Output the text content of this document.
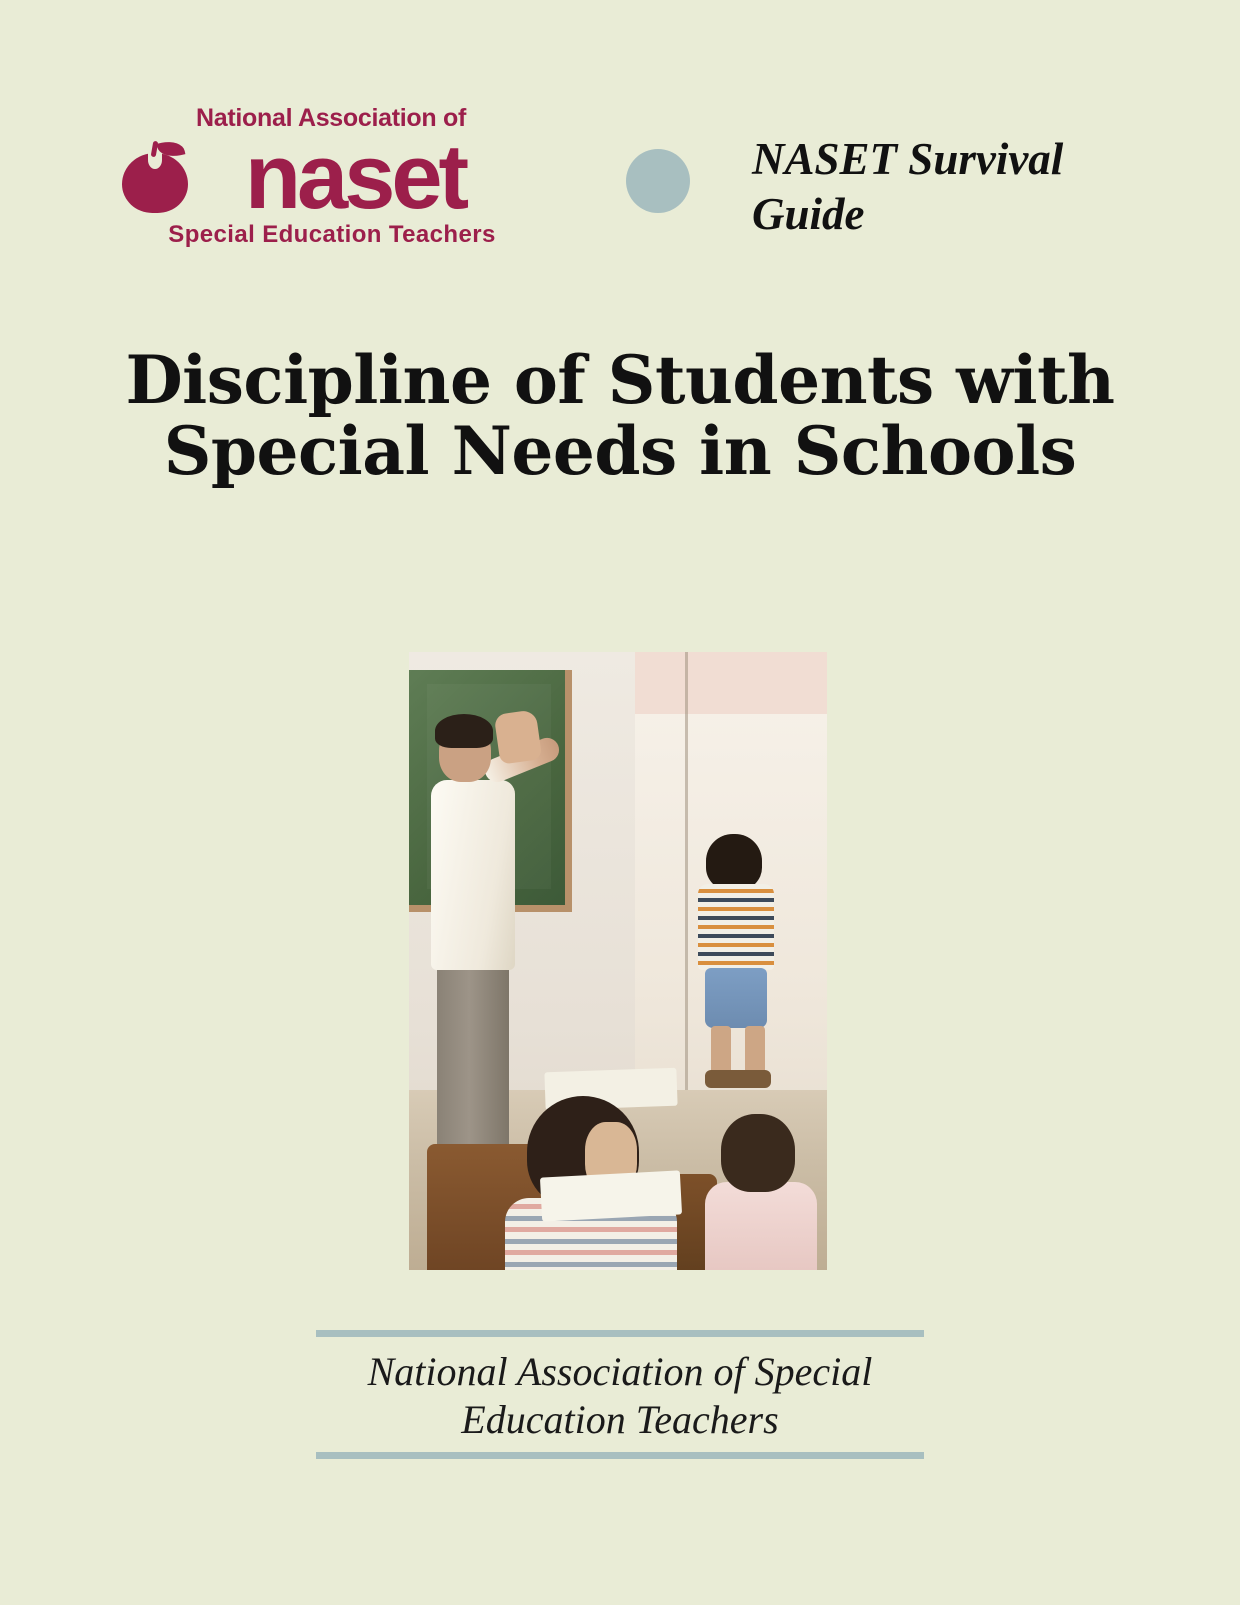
National Association of
naset
Special Education Teachers
NASET Survival Guide
Discipline of Students with Special Needs in Schools
National Association of Special
Education Teachers
